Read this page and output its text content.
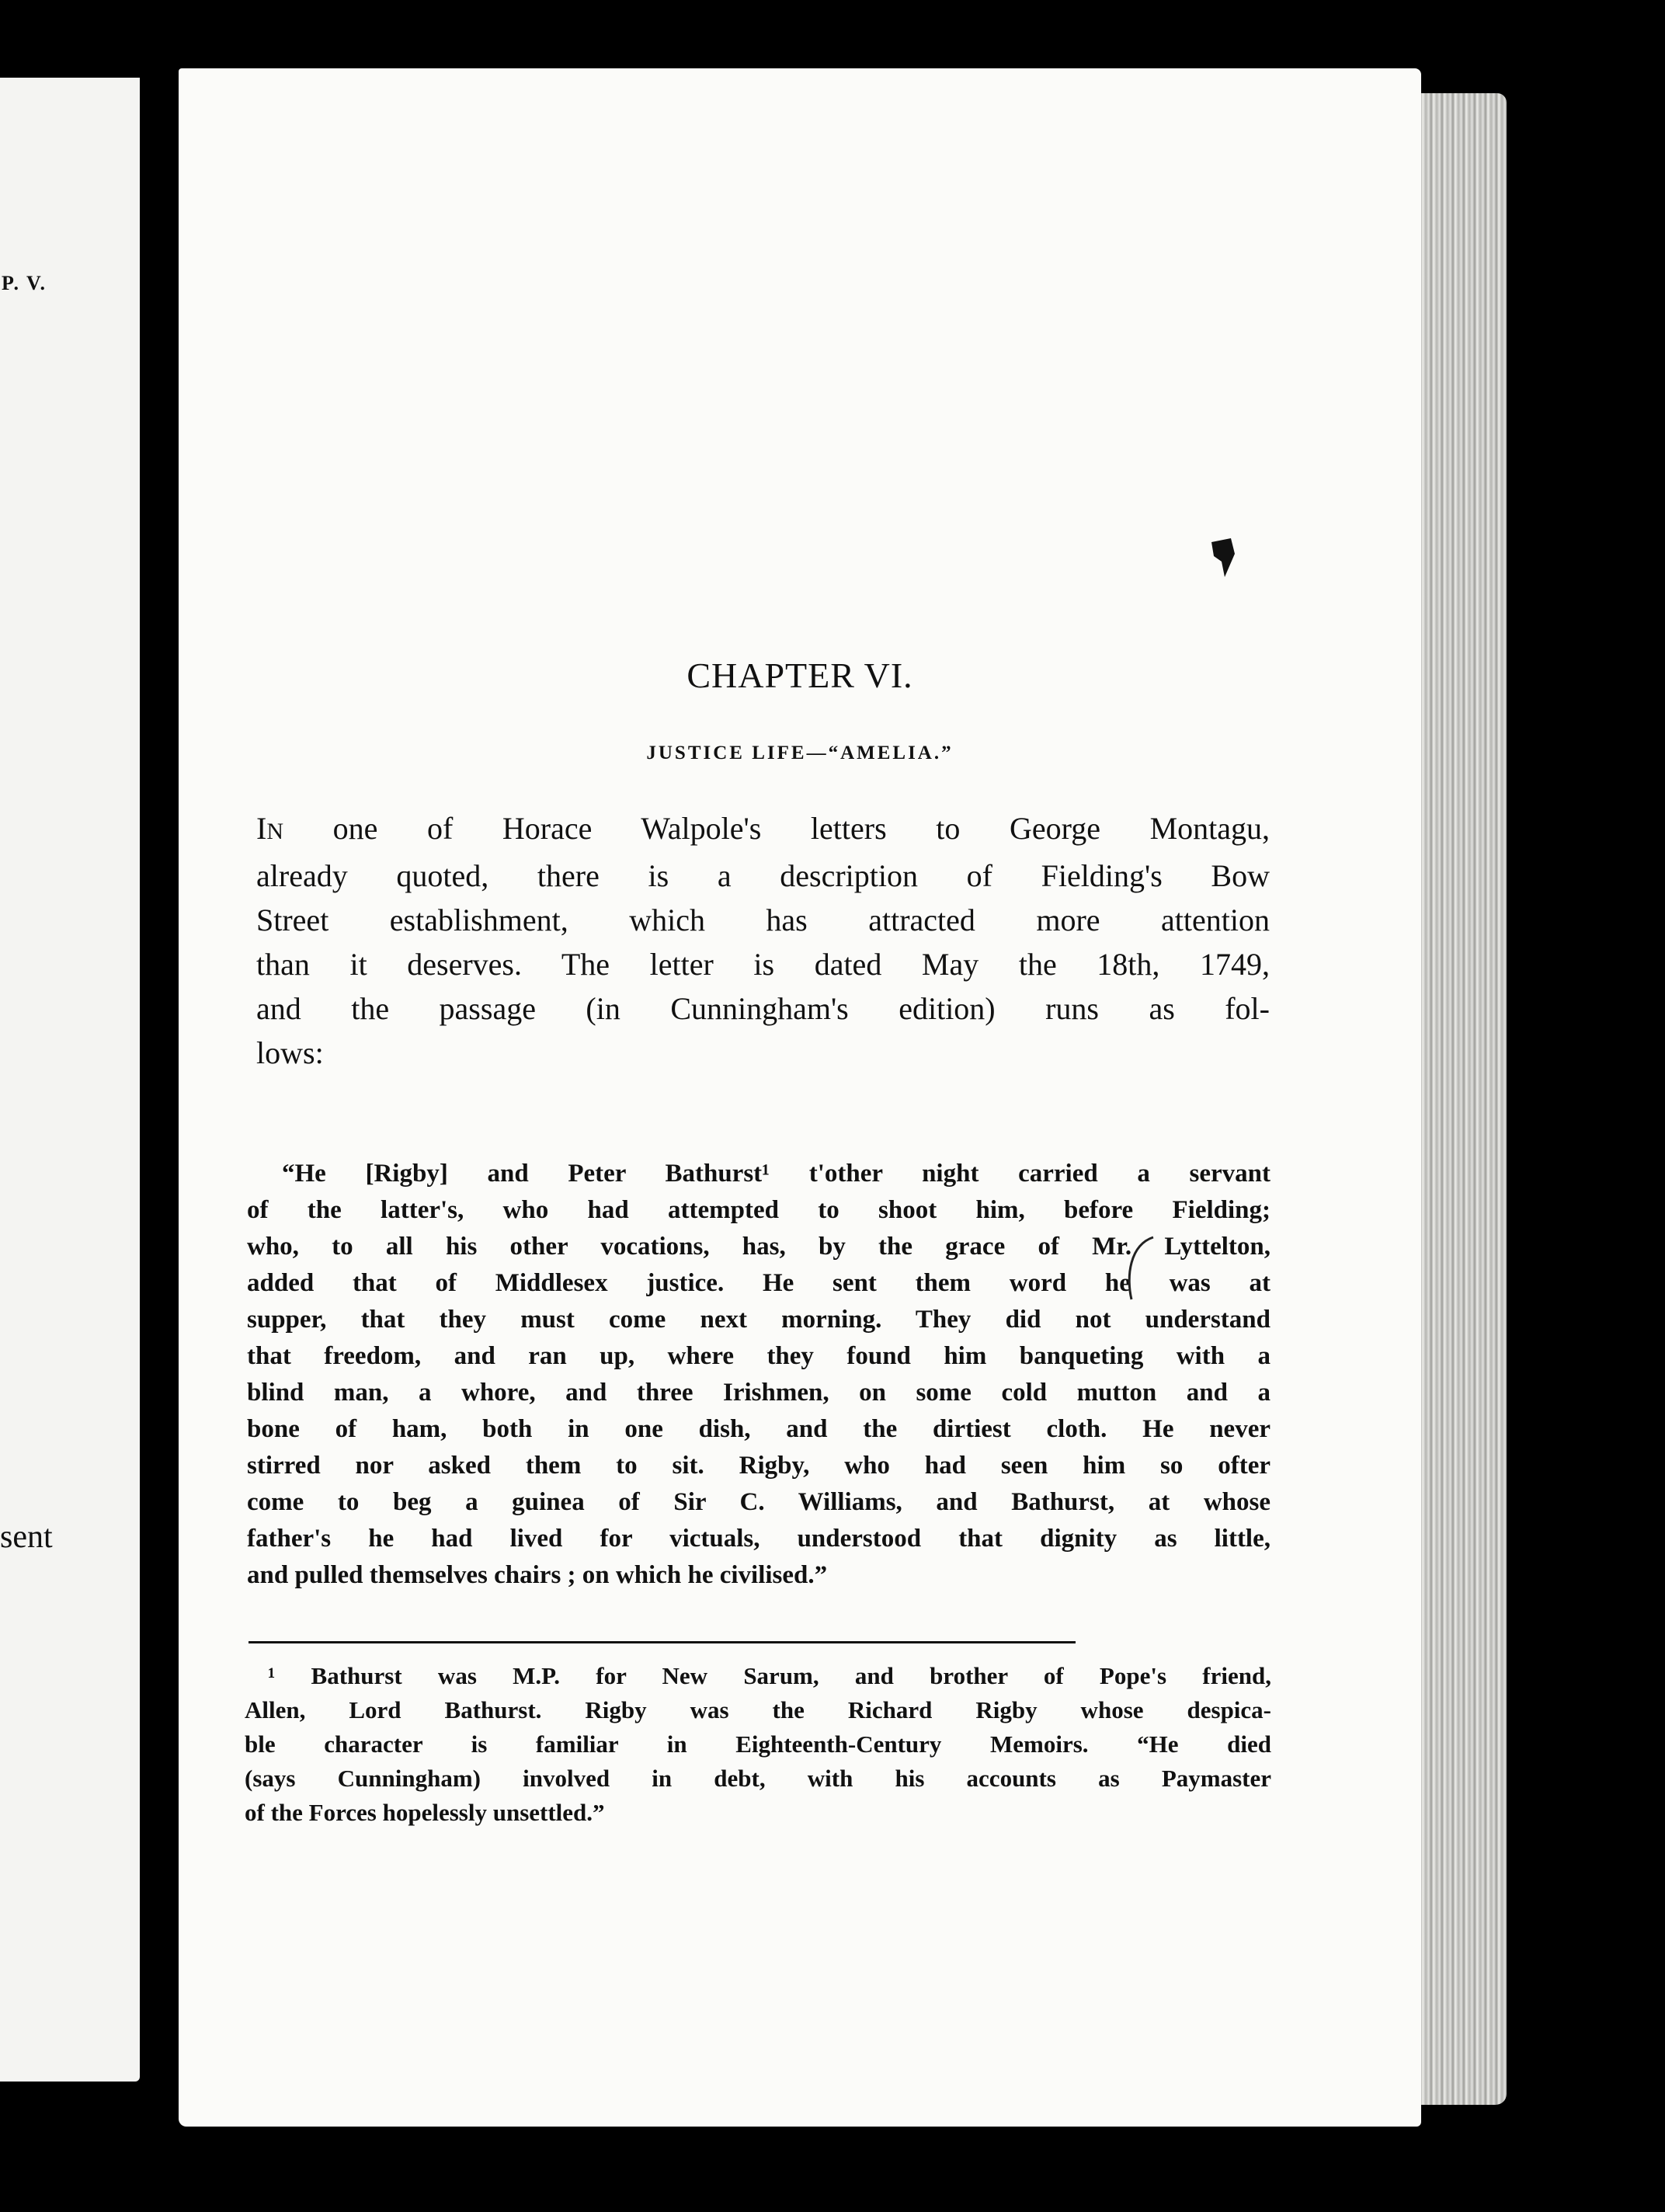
P. V.
sent
CHAPTER VI.
JUSTICE LIFE—“AMELIA.”
IN one of Horace Walpole's letters to George Montagu,
already quoted, there is a description of Fielding's Bow
Street establishment, which has attracted more attention
than it deserves. The letter is dated May the 18th, 1749,
and the passage (in Cunningham's edition) runs as fol-
lows:
“He [Rigby] and Peter Bathurst¹ t'other night carried a servant
of the latter's, who had attempted to shoot him, before Fielding;
who, to all his other vocations, has, by the grace of Mr. Lyttelton,
added that of Middlesex justice. He sent them word he was at
supper, that they must come next morning. They did not understand
that freedom, and ran up, where they found him banqueting with a
blind man, a whore, and three Irishmen, on some cold mutton and a
bone of ham, both in one dish, and the dirtiest cloth. He never
stirred nor asked them to sit. Rigby, who had seen him so ofter
come to beg a guinea of Sir C. Williams, and Bathurst, at whose
father's he had lived for victuals, understood that dignity as little,
and pulled themselves chairs ; on which he civilised.”
¹ Bathurst was M.P. for New Sarum, and brother of Pope's friend,
Allen, Lord Bathurst. Rigby was the Richard Rigby whose despica-
ble character is familiar in Eighteenth-Century Memoirs. “He died
(says Cunningham) involved in debt, with his accounts as Paymaster
of the Forces hopelessly unsettled.”
